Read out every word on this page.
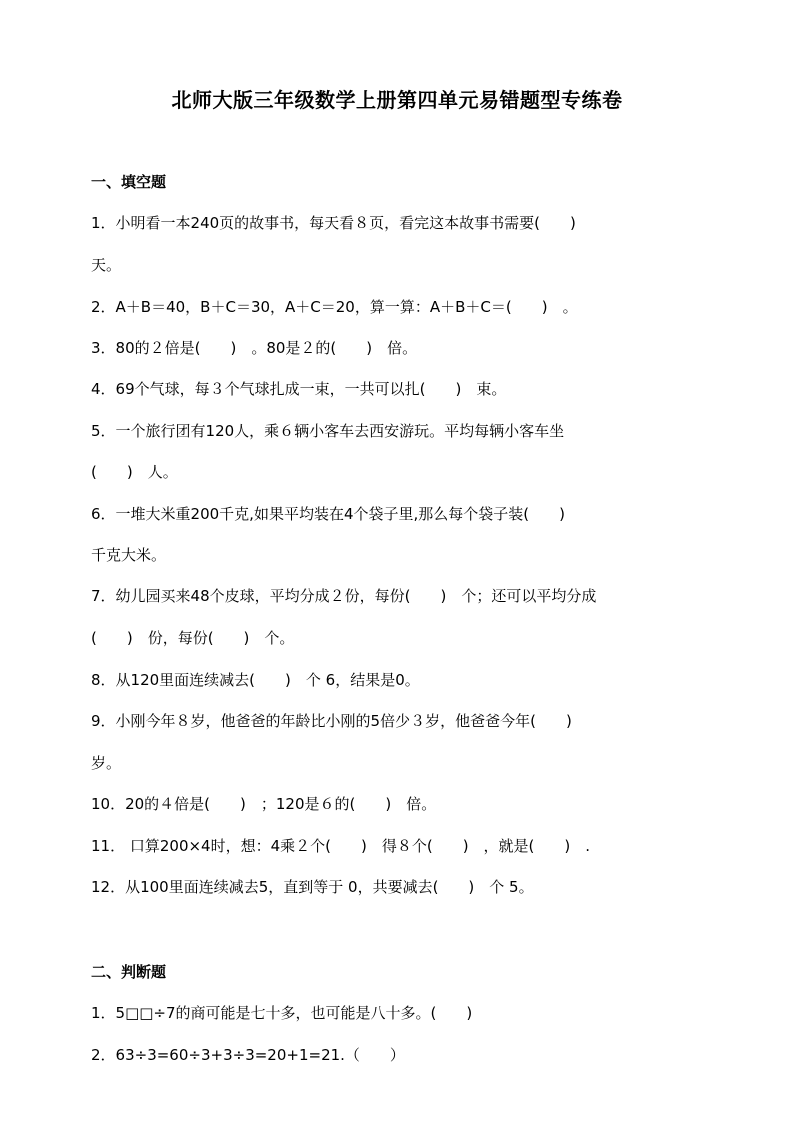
北师大版三年级数学上册第四单元易错题型专练卷
一、填空题
1．小明看一本240页的故事书，每天看８页，看完这本故事书需要(　　)
天。
2．A＋B＝40，B＋C＝30，A＋C＝20，算一算：A＋B＋C＝(　　)　。
3．80的２倍是(　　)　。80是２的(　　)　倍。
4．69个气球，每３个气球扎成一束，一共可以扎(　　)　束。
5．一个旅行团有120人，乘６辆小客车去西安游玩。平均每辆小客车坐
(　　)　人。
6．一堆大米重200千克,如果平均装在4个袋子里,那么每个袋子装(　　)
千克大米。
7．幼儿园买来48个皮球，平均分成２份，每份(　　)　个；还可以平均分成
(　　)　份，每份(　　)　个。
8．从120里面连续减去(　　)　个 6，结果是0。
9．小刚今年８岁，他爸爸的年龄比小刚的5倍少３岁，他爸爸今年(　　)
岁。
10．20的４倍是(　　)　；120是６的(　　)　倍。
11． 口算200×4时，想：4乘２个(　　)　得８个(　　)　，就是(　　)　.
12．从100里面连续减去5，直到等于 0，共要减去(　　)　个 5。
二、判断题
1．5□□÷7的商可能是七十多，也可能是八十多。(　　)
2．63÷3=60÷3+3÷3=20+1=21.（　　）
